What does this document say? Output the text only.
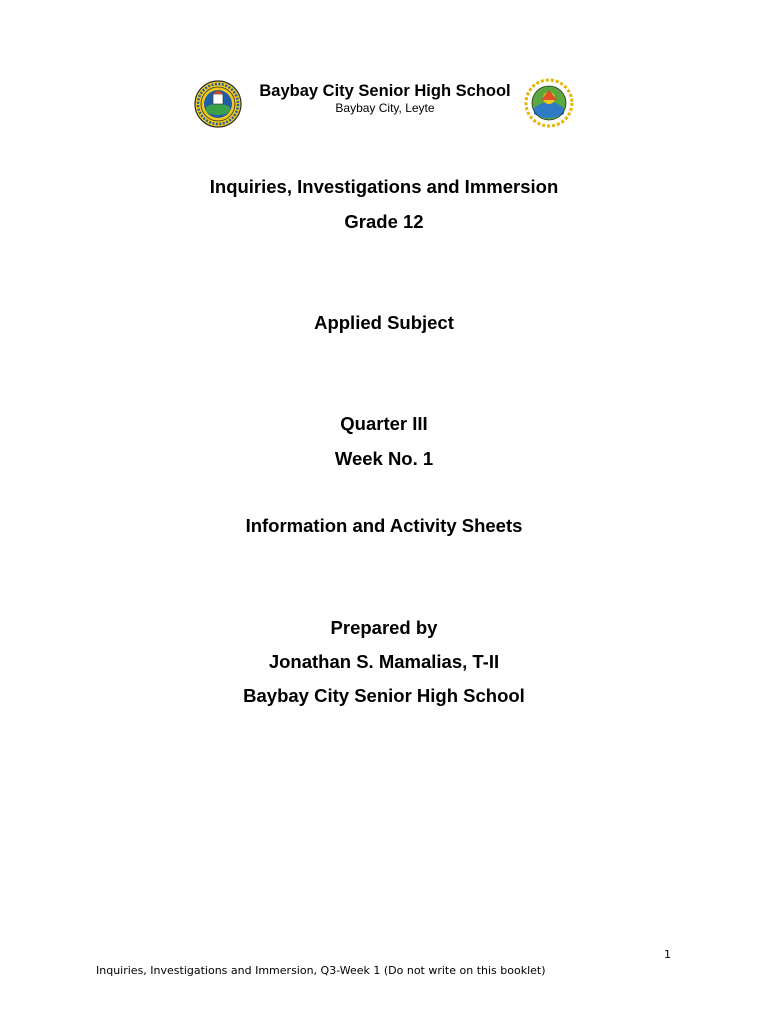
Baybay City Senior High School
Baybay City, Leyte
Inquiries, Investigations and Immersion
Grade 12
Applied Subject
Quarter III
Week No. 1
Information and Activity Sheets
Prepared by
Jonathan S. Mamalias, T-II
Baybay City Senior High School
1
Inquiries, Investigations and Immersion, Q3-Week 1 (Do not write on this booklet)
